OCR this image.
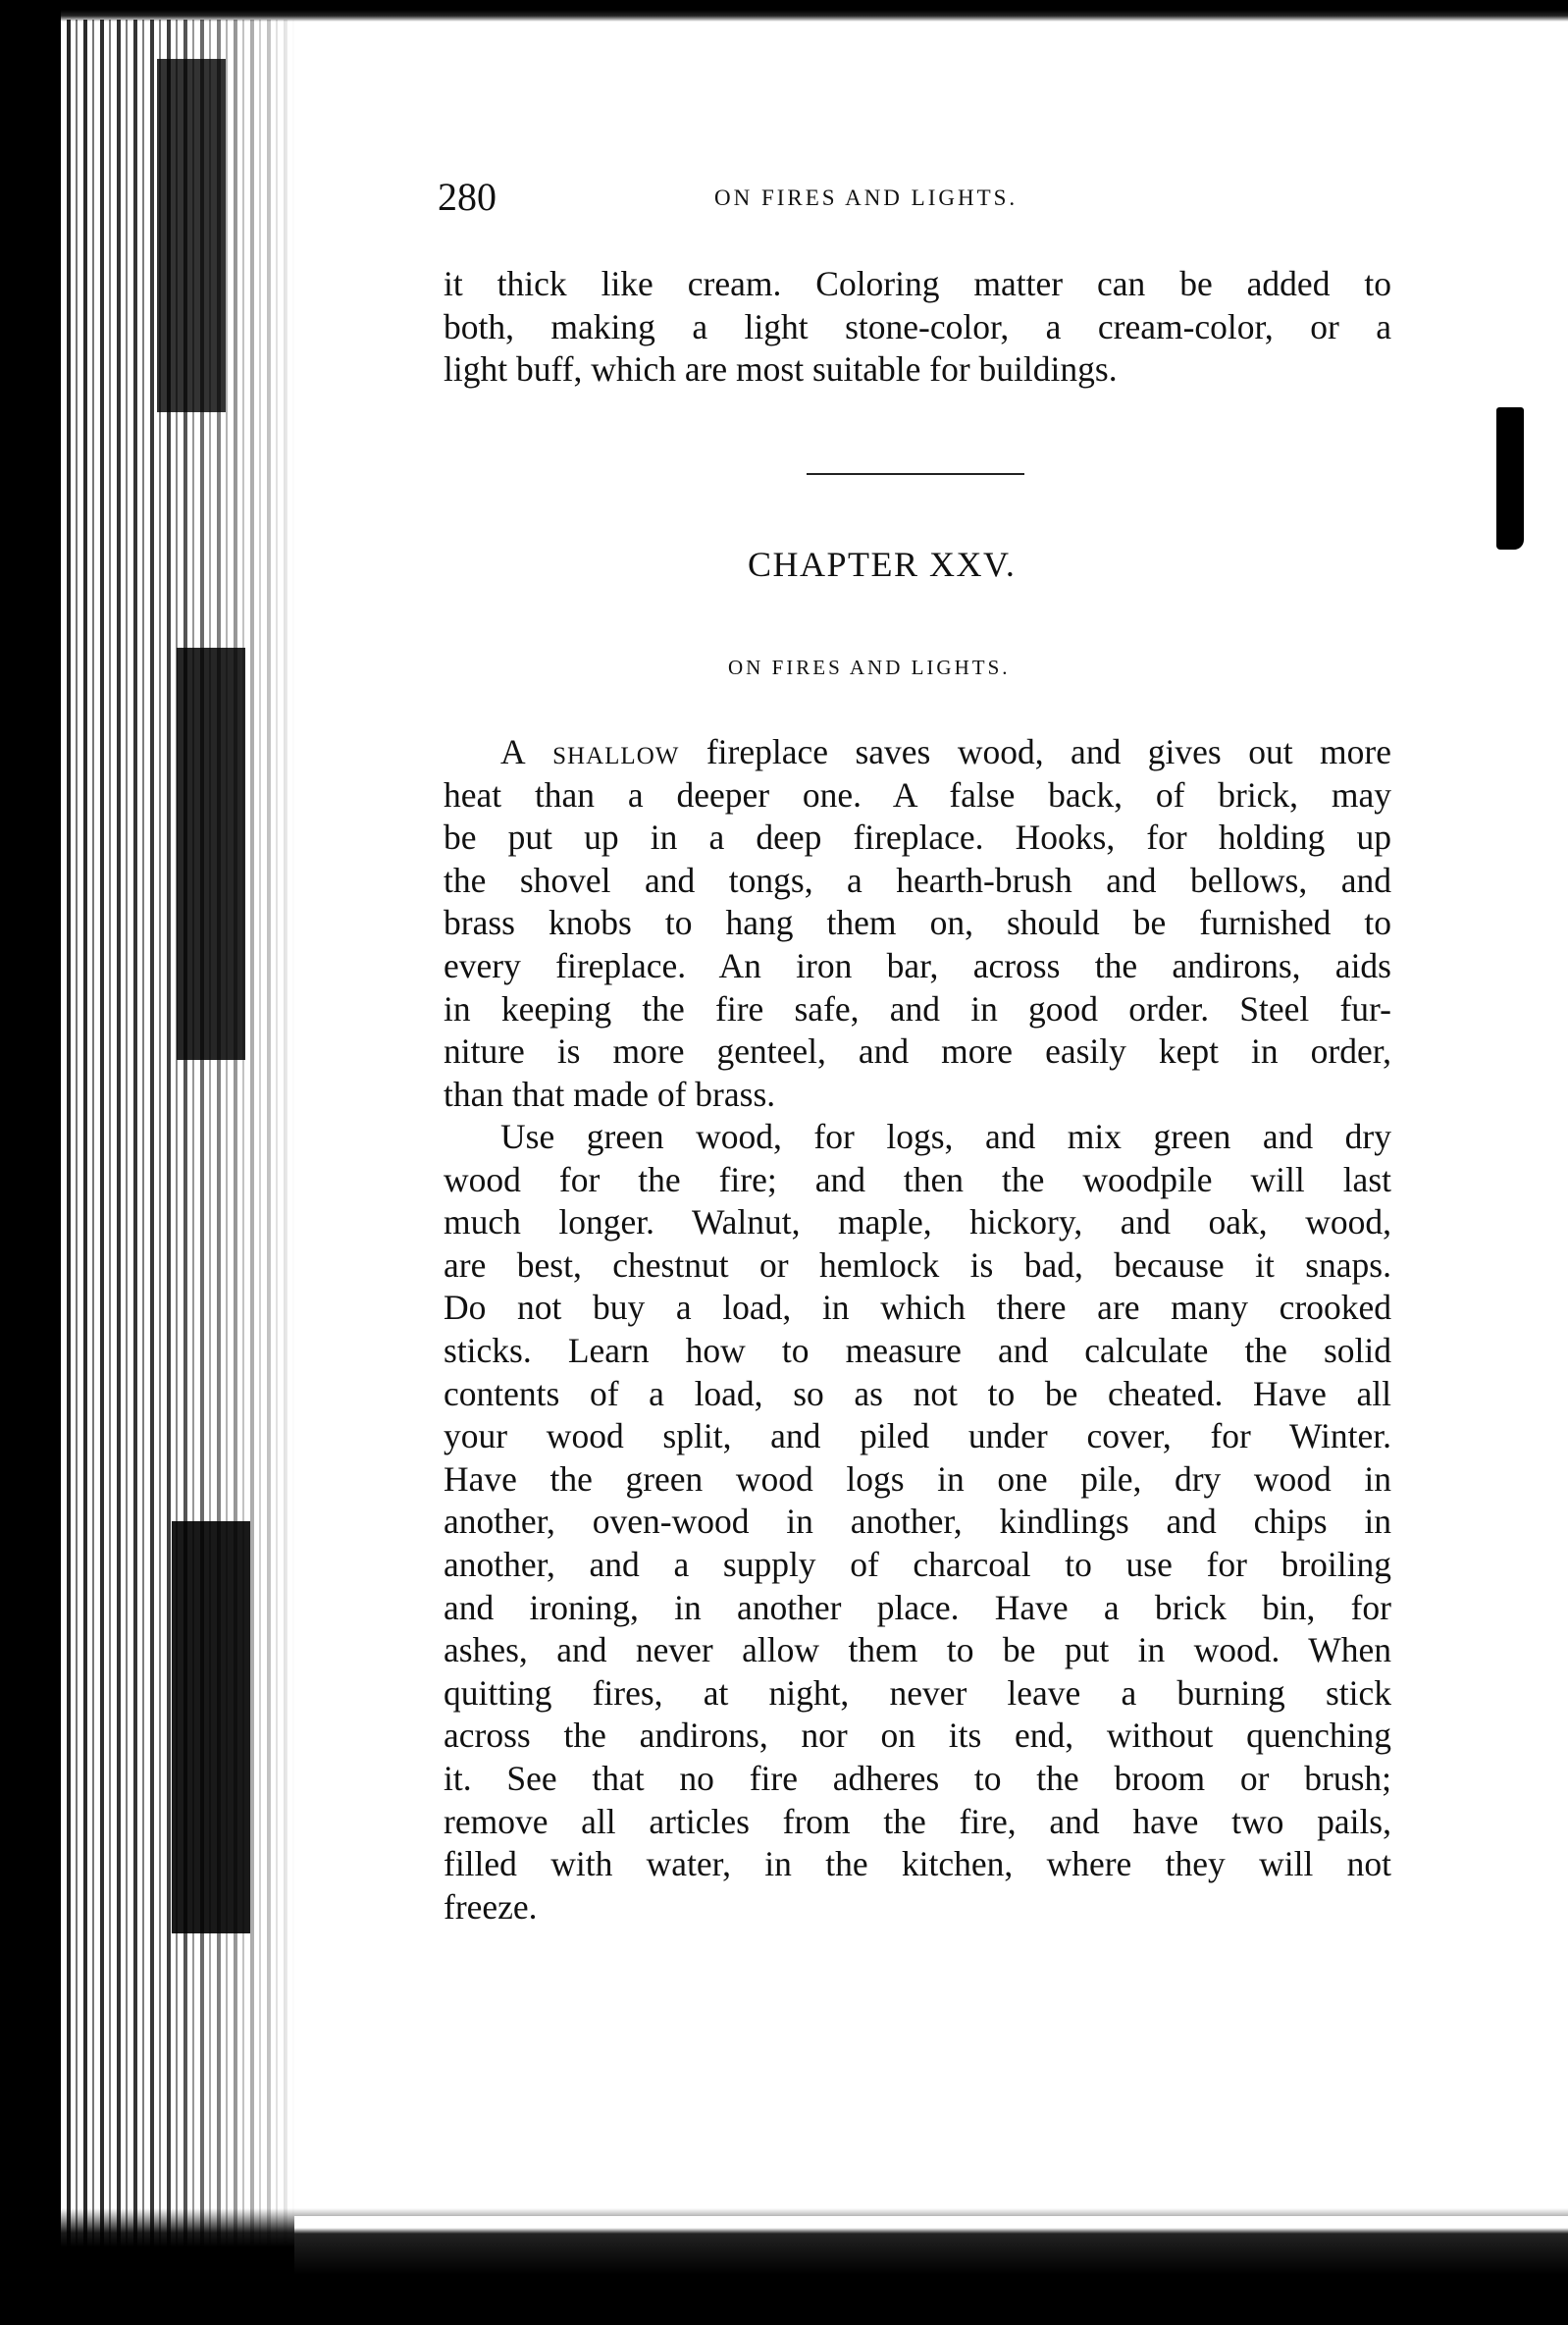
280	ON FIRES AND LIGHTS.
it thick like cream. Coloring matter can be added to
both, making a light stone-color, a cream-color, or a
light buff, which are most suitable for buildings.
CHAPTER XXV.
ON FIRES AND LIGHTS.
A shallow fireplace saves wood, and gives out more
heat than a deeper one. A false back, of brick, may
be put up in a deep fireplace. Hooks, for holding up
the shovel and tongs, a hearth-brush and bellows, and
brass knobs to hang them on, should be furnished to
every fireplace. An iron bar, across the andirons, aids
in keeping the fire safe, and in good order. Steel fur-
niture is more genteel, and more easily kept in order,
than that made of brass.
Use green wood, for logs, and mix green and dry
wood for the fire; and then the woodpile will last
much longer. Walnut, maple, hickory, and oak, wood,
are best, chestnut or hemlock is bad, because it snaps.
Do not buy a load, in which there are many crooked
sticks. Learn how to measure and calculate the solid
contents of a load, so as not to be cheated. Have all
your wood split, and piled under cover, for Winter.
Have the green wood logs in one pile, dry wood in
another, oven-wood in another, kindlings and chips in
another, and a supply of charcoal to use for broiling
and ironing, in another place. Have a brick bin, for
ashes, and never allow them to be put in wood. When
quitting fires, at night, never leave a burning stick
across the andirons, nor on its end, without quenching
it. See that no fire adheres to the broom or brush;
remove all articles from the fire, and have two pails,
filled with water, in the kitchen, where they will not
freeze.
